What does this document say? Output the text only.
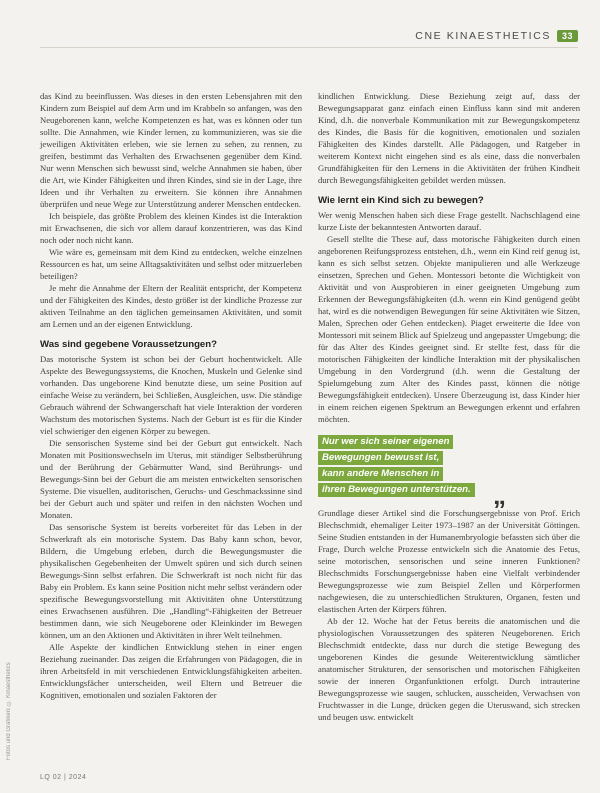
CNE KINAESTHETICS	33
Fotos und Grafiken: © Kinaesthetics

das Kind zu beeinflussen. Was dieses in den ersten Lebensjahren mit den Kindern zum Beispiel auf dem Arm und im Krabbeln so anfangen, was den Neugeborenen kann, welche Kompetenzen es hat, was es können oder tun sollte. Die Annahmen, wie Kinder lernen, zu kommunizieren, was sie die jeweiligen Aktivitäten erleben, wie sie lernen zu sehen, zu rennen, zu greifen, bestimmt das Verhalten des Erwachsenen gegenüber dem Kind. Nur wenn Menschen sich bewusst sind, welche Annahmen sie haben, über die Art, wie Kinder Fähigkeiten und ihren Kindes, sind sie in der Lage, ihre Ideen und ihr Verhalten zu erweitern. Sie können ihre Annahmen überprüfen und neue Wege zur Unterstützung anderer Menschen entdecken.

Ich beispiele, das größte Problem des kleinen Kindes ist die Interaktion mit Erwachsenen, die sich vor allem darauf konzentrieren, was das Kind noch oder noch nicht kann.

Wie wäre es, gemeinsam mit dem Kind zu entdecken, welche einzelnen Ressourcen es hat, um seine Alltagsaktivitäten und selbst oder mitzuerleben beteiligen?

Je mehr die Annahme der Eltern der Realität entspricht, der Kompetenz und der Fähigkeiten des Kindes, desto größer ist der kindliche Prozesse zur aktiven Teilnahme an den täglichen gemeinsamen Aktivitäten, und somit am Lernen und an der eigenen Entwicklung.

Was sind gegebene Voraussetzungen?

Das motorische System ist schon bei der Geburt hochentwickelt. Alle Aspekte des Bewegungssystems, die Knochen, Muskeln und Gelenke sind vorhanden. Das ungeborene Kind benutzte diese, um seine Position auf einfache Weise zu verändern, bei Schließen, Ausgleichen, usw. Die ständige Gebrauch während der Schwangerschaft hat viele Interaktion der vorderen Wachstum des motorischen Systems. Nach der Geburt ist es für die Kinder viel schwieriger den eigenen Körper zu bewegen.

Die sensorischen Systeme sind bei der Geburt gut entwickelt. Nach Monaten mit Positionswechseln im Uterus, mit ständiger Selbstberührung und der Berührung der Gebärmutter Wand, sind Berührungs- und Bewegungs-Sinn bei der Geburt die am meisten entwickelten sensorischen Systeme. Die visuellen, auditorischen, Geruchs- und Geschmackssinne sind bei der Geburt auch und später und reifen in den nächsten Wochen und Monaten.

Das sensorische System ist bereits vorbereitet für das Leben in der Schwerkraft als ein motorische System. Das Baby kann schon, bevor, Bildern, die Umgebung erleben, durch die Bewegungsmuster die physikalischen Gegebenheiten der Umwelt spüren und sich durch seinen Bewegungs-Sinn selbst erfahren. Die Schwerkraft ist noch nicht für das Baby ein Problem. Es kann seine Position nicht mehr selbst verändern oder spezifische Bewegungsvorstellung mit Aktivitäten ohne Unterstützung eines Erwachsenen ausführen. Die „Handling“-Fähigkeiten der Betreuer bestimmen dann, wie sich Neugeborene oder Kleinkinder im Bewegen können, um an den Aktionen und Aktivitäten in ihrer Welt teilnehmen.

Alle Aspekte der kindlichen Entwicklung stehen in einer engen Beziehung zueinander. Das zeigen die Erfahrungen von Pädagogen, die in ihren Arbeitsfeld in mit verschiedenen Entwicklungsfähigkeiten arbeiten. Entwicklungsfächer unterscheiden, weil Eltern und Betreuer die Kognitiven, emotionalen und sozialen Faktoren der

kindlichen Entwicklung. Diese Beziehung zeigt auf, dass der Bewegungsapparat ganz einfach einen Einfluss kann sind mit anderen Kind, d.h. die nonverbale Kommunikation mit zur Bewegungskompetenz des Kindes, die Basis für die kognitiven, emotionalen und sozialen Fähigkeiten des Kindes darstellt. Alle Pädagogen, und Ratgeber in weiterem Kontext nicht eingehen sind es als eine, dass die nonverbalen Grundfähigkeiten für den Lernens in die Aktivitäten der frühen Kindheit durch Bewegungsfähigkeiten gebildet werden müssen.

Wie lernt ein Kind sich zu bewegen?

Wer wenig Menschen haben sich diese Frage gestellt. Nachschlagend eine kurze Liste der bekanntesten Antworten darauf.

Gesell stellte die These auf, dass motorische Fähigkeiten durch einen angeborenen Reifungsprozess entstehen, d.h., wenn ein Kind reif genug ist, kann es sich selbst setzen. Objekte manipulieren und alle Werkzeuge einsetzen, Sprechen und Gehen. Montessori betonte die Wichtigkeit von Aktivität und von Ausprobieren in einer geeigneten Umgebung zum Erkennen der Bewegungsfähigkeiten (d.h. wenn ein Kind genügend geübt hat, wird es die notwendigen Bewegungen für seine Aktivitäten wie Sitzen, Malen, Sprechen oder Gehen entdecken). Piaget erweiterte die Idee von Montessori mit seinem Blick auf Spielzeug und angepasster Umgebung; die für das Alter des Kindes geeignet sind. Er stellte fest, dass für die motorischen Fähigkeiten der kindliche Interaktion mit der physikalischen Umgebung in den Vordergrund (d.h. wenn die Gestaltung der Spielumgebung zum Alter des Kindes passt, können die nötige Bewegungsfähigkeit entdecken). Unsere Überzeugung ist, dass Kinder hier in einem reichen eigenen Spektrum an Bewegungen erkennt und erfahren möchten.

Nur wer sich seiner eigenen
Bewegungen bewusst ist,
kann andere Menschen in
ihren Bewegungen unterstützen. „

Grundlage dieser Artikel sind die Forschungsergebnisse von Prof. Erich Blechschmidt, ehemaliger Leiter 1973–1987 an der Universität Göttingen. Seine Studien entstanden in der Humanembryologie befassten sich über die Frage, Durch welche Prozesse entwickeln sich die Anatomie des Fetus, seine motorischen, sensorischen und seine inneren Funktionen? Blechschmidts Forschungsergebnisse haben eine Vielfalt verbindender Bewegungsprozesse wie zum Beispiel Zellen und Körperformen nachgewiesen, die zu unterschiedlichen Strukturen, Organen, festen und elastischen Arten der Körpers führen.

Ab der 12. Woche hat der Fetus bereits die anatomischen und die physiologischen Voraussetzungen des späteren Neugeborenen. Erich Blechschmidt entdeckte, dass nur durch die stetige Bewegung des ungeborenen Kindes die gesunde Weiterentwicklung sämtlicher anatomischer Strukturen, der sensorischen und motorischen Fähigkeiten sowie der inneren Organfunktionen erfolgt. Durch intrauterine Bewegungsprozesse wie saugen, schlucken, ausscheiden, Verwachsen von Fruchtwasser in die Lunge, drücken gegen die Uteruswand, sich strecken und beugen usw. entwickelt

LQ 02 | 2024
